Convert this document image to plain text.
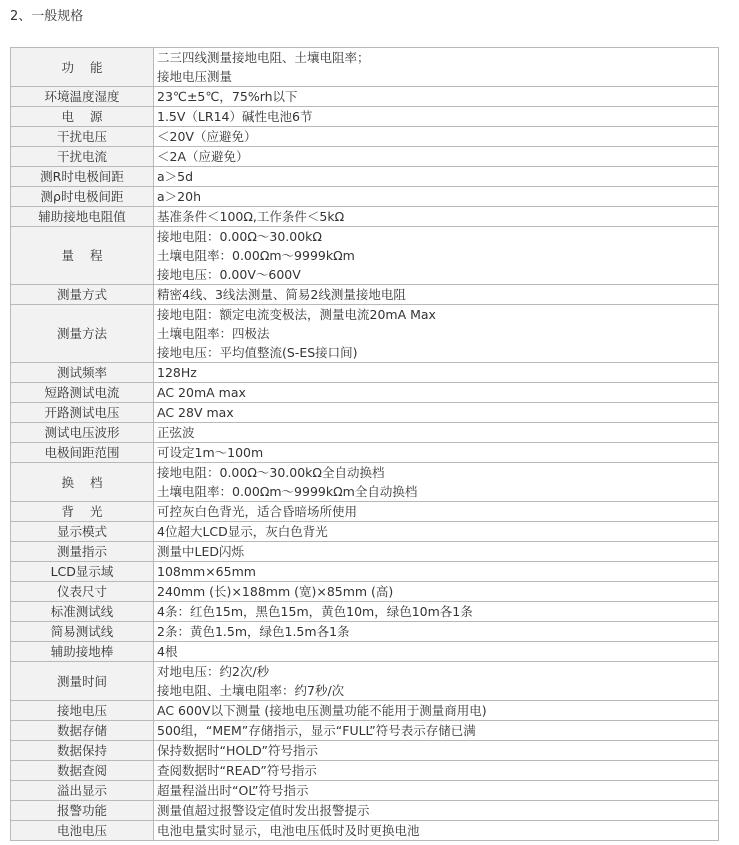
2、一般规格
功    能	二三四线测量接地电阻、土壤电阻率；
接地电压测量

环境温度湿度	23℃±5℃，75%rh以下

电    源	1.5V（LR14）碱性电池6节

干扰电压	＜20V（应避免）

干扰电流	＜2A（应避免）

测R时电极间距	a＞5d

测ρ时电极间距	a＞20h

辅助接地电阻值	基准条件＜100Ω,工作条件＜5kΩ

量    程	接地电阻：0.00Ω～30.00kΩ
土壤电阻率：0.00Ωm～9999kΩm
接地电压：0.00V～600V

测量方式	精密4线、3线法测量、简易2线测量接地电阻

测量方法	接地电阻：额定电流变极法，测量电流20mA Max
土壤电阻率：四极法
接地电压：平均值整流(S-ES接口间)

测试频率	128Hz

短路测试电流	AC 20mA max

开路测试电压	AC 28V max

测试电压波形	正弦波

电极间距范围	可设定1m～100m

换    档	接地电阻：0.00Ω～30.00kΩ全自动换档
土壤电阻率：0.00Ωm～9999kΩm全自动换档

背    光	可控灰白色背光，适合昏暗场所使用

显示模式	4位超大LCD显示，灰白色背光

测量指示	测量中LED闪烁

LCD显示域	108mm×65mm

仪表尺寸	240mm (长)×188mm (宽)×85mm (高)

标准测试线	4条：红色15m，黑色15m，黄色10m，绿色10m各1条

简易测试线	2条：黄色1.5m，绿色1.5m各1条

辅助接地棒	4根

测量时间	对地电压：约2次/秒
接地电阻、土壤电阻率：约7秒/次

接地电压	AC 600V以下测量 (接地电压测量功能不能用于测量商用电)

数据存储	500组，“MEM”存储指示，显示“FULL”符号表示存储已满

数据保持	保持数据时“HOLD”符号指示

数据查阅	查阅数据时“READ”符号指示

溢出显示	超量程溢出时“OL”符号指示

报警功能	测量值超过报警设定值时发出报警提示

电池电压	电池电量实时显示，电池电压低时及时更换电池
